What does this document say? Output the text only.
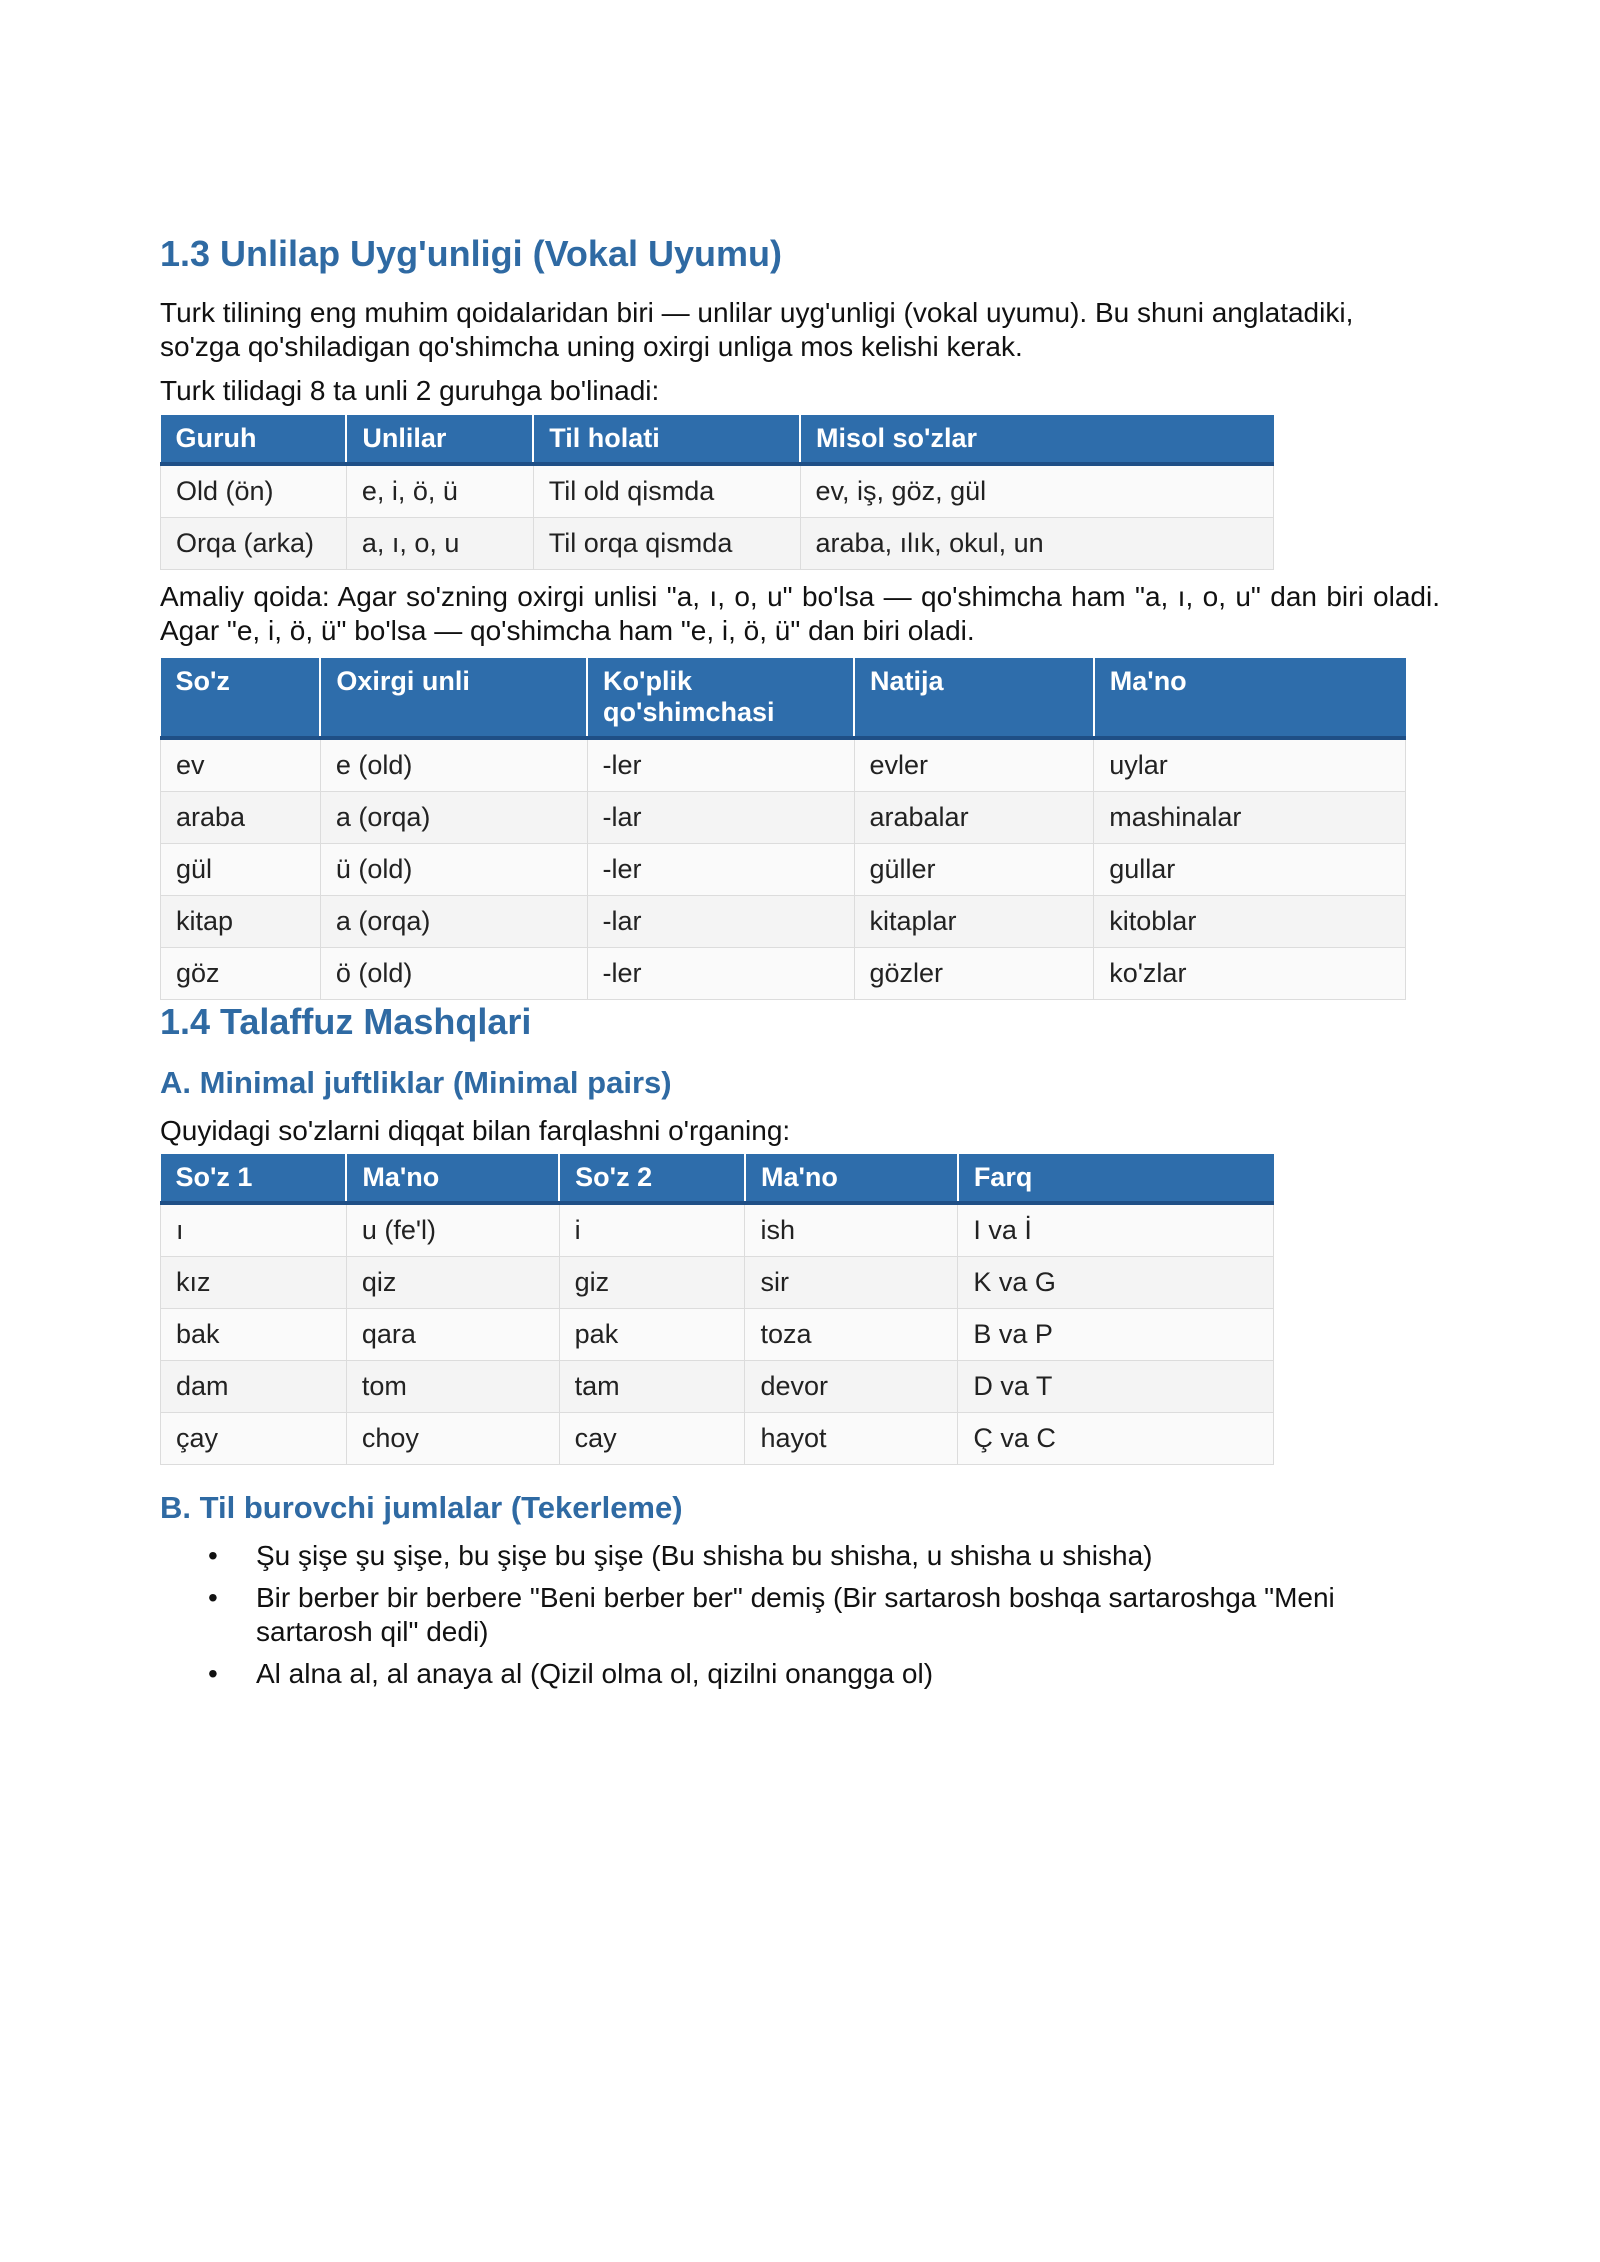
1.3 Unlilap Uyg'unligi (Vokal Uyumu)

Turk tilining eng muhim qoidalaridan biri — unlilar uyg'unligi (vokal uyumu). Bu shuni anglatadiki, so'zga qo'shiladigan qo'shimcha uning oxirgi unliga mos kelishi kerak.

Turk tilidagi 8 ta unli 2 guruhga bo'linadi:

Guruh	Unlilar	Til holati	Misol so'zlar
Old (ön)	e, i, ö, ü	Til old qismda	ev, iş, göz, gül
Orqa (arka)	a, ı, o, u	Til orqa qismda	araba, ılık, okul, un

Amaliy qoida: Agar so'zning oxirgi unlisi "a, ı, o, u" bo'lsa — qo'shimcha ham "a, ı, o, u" dan biri oladi. Agar "e, i, ö, ü" bo'lsa — qo'shimcha ham "e, i, ö, ü" dan biri oladi.

So'z	Oxirgi unli	Ko'plik qo'shimchasi	Natija	Ma'no
ev	e (old)	-ler	evler	uylar
araba	a (orqa)	-lar	arabalar	mashinalar
gül	ü (old)	-ler	güller	gullar
kitap	a (orqa)	-lar	kitaplar	kitoblar
göz	ö (old)	-ler	gözler	ko'zlar
1.4 Talaffuz Mashqlari
A. Minimal juftliklar (Minimal pairs)

Quyidagi so'zlarni diqqat bilan farqlashni o'rganing:

So'z 1	Ma'no	So'z 2	Ma'no	Farq
ı	u (fe'l)	i	ish	I va İ
kız	qiz	giz	sir	K va G
bak	qara	pak	toza	B va P
dam	tom	tam	devor	D va T
çay	choy	cay	hayot	Ç va C
B. Til burovchi jumlalar (Tekerleme)
• Şu şişe şu şişe, bu şişe bu şişe (Bu shisha bu shisha, u shisha u shisha)
• Bir berber bir berbere "Beni berber ber" demiş (Bir sartarosh boshqa sartaroshga "Meni sartarosh qil" dedi)
• Al alna al, al anaya al (Qizil olma ol, qizilni onangga ol)
